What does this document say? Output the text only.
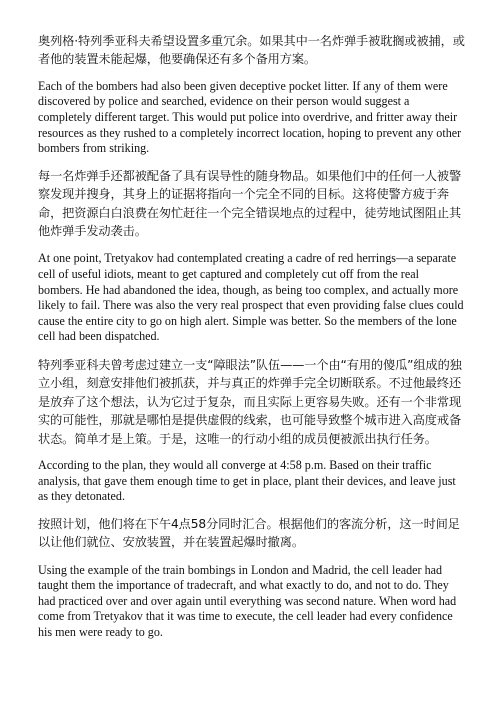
奥列格·特列季亚科夫希望设置多重冗余。如果其中一名炸弹手被耽搁或被捕，或者他的装置未能起爆，他要确保还有多个备用方案。

Each of the bombers had also been given deceptive pocket litter. If any of them were discovered by police and searched, evidence on their person would suggest a completely different target. This would put police into overdrive, and fritter away their resources as they rushed to a completely incorrect location, hoping to prevent any other bombers from striking.

每一名炸弹手还都被配备了具有误导性的随身物品。如果他们中的任何一人被警察发现并搜身，其身上的证据将指向一个完全不同的目标。这将使警方疲于奔命，把资源白白浪费在匆忙赶往一个完全错误地点的过程中，徒劳地试图阻止其他炸弹手发动袭击。

At one point, Tretyakov had contemplated creating a cadre of red herrings—a separate cell of useful idiots, meant to get captured and completely cut off from the real bombers. He had abandoned the idea, though, as being too complex, and actually more likely to fail. There was also the very real prospect that even providing false clues could cause the entire city to go on high alert. Simple was better. So the members of the lone cell had been dispatched.

特列季亚科夫曾考虑过建立一支“障眼法”队伍——一个由“有用的傻瓜”组成的独立小组，刻意安排他们被抓获，并与真正的炸弹手完全切断联系。不过他最终还是放弃了这个想法，认为它过于复杂，而且实际上更容易失败。还有一个非常现实的可能性，那就是哪怕是提供虚假的线索，也可能导致整个城市进入高度戒备状态。简单才是上策。于是，这唯一的行动小组的成员便被派出执行任务。

According to the plan, they would all converge at 4:58 p.m. Based on their traffic analysis, that gave them enough time to get in place, plant their devices, and leave just as they detonated.

按照计划，他们将在下午4点58分同时汇合。根据他们的客流分析，这一时间足以让他们就位、安放装置，并在装置起爆时撤离。

Using the example of the train bombings in London and Madrid, the cell leader had taught them the importance of tradecraft, and what exactly to do, and not to do. They had practiced over and over again until everything was second nature. When word had come from Tretyakov that it was time to execute, the cell leader had every confidence his men were ready to go.
